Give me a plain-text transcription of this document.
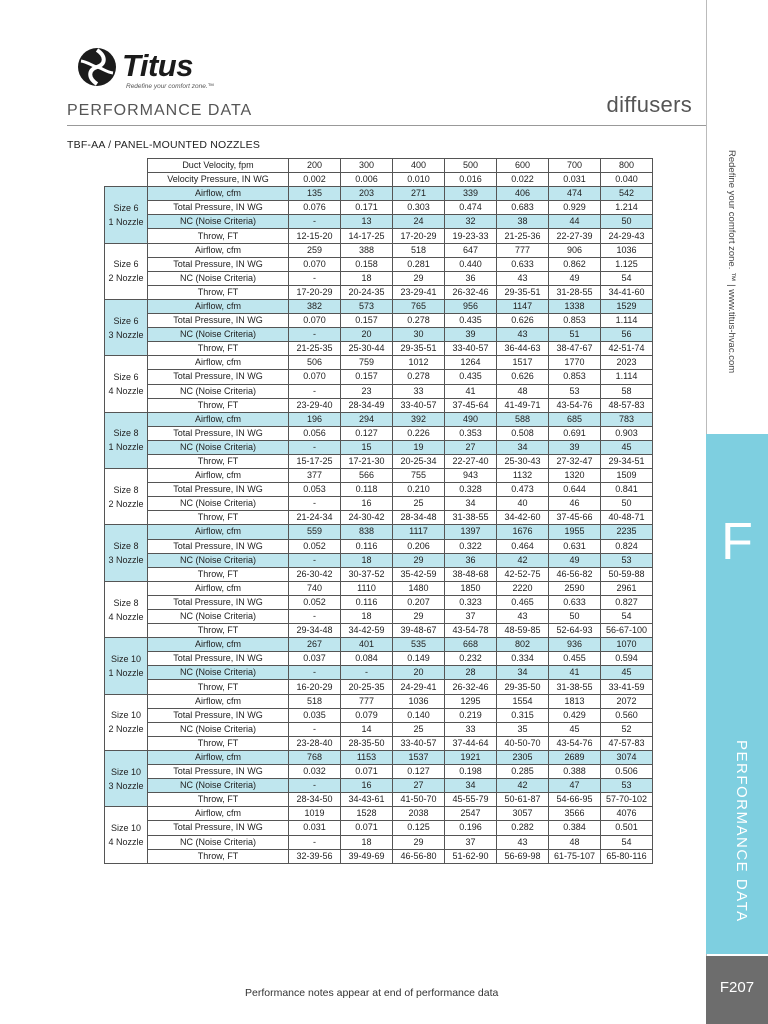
Titus
Redefine your comfort zone.™
PERFORMANCE DATA	diffusers
TBF-AA / PANEL-MOUNTED NOZZLES
	Duct Velocity, fpm	200	300	400	500	600	700	800
	Velocity Pressure, IN WG	0.002	0.006	0.010	0.016	0.022	0.031	0.040

Size 6
1 Nozzle	Airflow, cfm	135	203	271	339	406	474	542
	Total Pressure, IN WG	0.076	0.171	0.303	0.474	0.683	0.929	1.214
	NC (Noise Criteria)	-	13	24	32	38	44	50
	Throw, FT	12-15-20	14-17-25	17-20-29	19-23-33	21-25-36	22-27-39	24-29-43

Size 6
2 Nozzle	Airflow, cfm	259	388	518	647	777	906	1036
	Total Pressure, IN WG	0.070	0.158	0.281	0.440	0.633	0.862	1.125
	NC (Noise Criteria)	-	18	29	36	43	49	54
	Throw, FT	17-20-29	20-24-35	23-29-41	26-32-46	29-35-51	31-28-55	34-41-60

Size 6
3 Nozzle	Airflow, cfm	382	573	765	956	1147	1338	1529
	Total Pressure, IN WG	0.070	0.157	0.278	0.435	0.626	0.853	1.114
	NC (Noise Criteria)	-	20	30	39	43	51	56
	Throw, FT	21-25-35	25-30-44	29-35-51	33-40-57	36-44-63	38-47-67	42-51-74

Size 6
4 Nozzle	Airflow, cfm	506	759	1012	1264	1517	1770	2023
	Total Pressure, IN WG	0.070	0.157	0.278	0.435	0.626	0.853	1.114
	NC (Noise Criteria)	-	23	33	41	48	53	58
	Throw, FT	23-29-40	28-34-49	33-40-57	37-45-64	41-49-71	43-54-76	48-57-83

Size 8
1 Nozzle	Airflow, cfm	196	294	392	490	588	685	783
	Total Pressure, IN WG	0.056	0.127	0.226	0.353	0.508	0.691	0.903
	NC (Noise Criteria)	-	15	19	27	34	39	45
	Throw, FT	15-17-25	17-21-30	20-25-34	22-27-40	25-30-43	27-32-47	29-34-51

Size 8
2 Nozzle	Airflow, cfm	377	566	755	943	1132	1320	1509
	Total Pressure, IN WG	0.053	0.118	0.210	0.328	0.473	0.644	0.841
	NC (Noise Criteria)	-	16	25	34	40	46	50
	Throw, FT	21-24-34	24-30-42	28-34-48	31-38-55	34-42-60	37-45-66	40-48-71

Size 8
3 Nozzle	Airflow, cfm	559	838	1117	1397	1676	1955	2235
	Total Pressure, IN WG	0.052	0.116	0.206	0.322	0.464	0.631	0.824
	NC (Noise Criteria)	-	18	29	36	42	49	53
	Throw, FT	26-30-42	30-37-52	35-42-59	38-48-68	42-52-75	46-56-82	50-59-88

Size 8
4 Nozzle	Airflow, cfm	740	1110	1480	1850	2220	2590	2961
	Total Pressure, IN WG	0.052	0.116	0.207	0.323	0.465	0.633	0.827
	NC (Noise Criteria)	-	18	29	37	43	50	54
	Throw, FT	29-34-48	34-42-59	39-48-67	43-54-78	48-59-85	52-64-93	56-67-100

Size 10
1 Nozzle	Airflow, cfm	267	401	535	668	802	936	1070
	Total Pressure, IN WG	0.037	0.084	0.149	0.232	0.334	0.455	0.594
	NC (Noise Criteria)	-	-	20	28	34	41	45
	Throw, FT	16-20-29	20-25-35	24-29-41	26-32-46	29-35-50	31-38-55	33-41-59

Size 10
2 Nozzle	Airflow, cfm	518	777	1036	1295	1554	1813	2072
	Total Pressure, IN WG	0.035	0.079	0.140	0.219	0.315	0.429	0.560
	NC (Noise Criteria)	-	14	25	33	35	45	52
	Throw, FT	23-28-40	28-35-50	33-40-57	37-44-64	40-50-70	43-54-76	47-57-83

Size 10
3 Nozzle	Airflow, cfm	768	1153	1537	1921	2305	2689	3074
	Total Pressure, IN WG	0.032	0.071	0.127	0.198	0.285	0.388	0.506
	NC (Noise Criteria)	-	16	27	34	42	47	53
	Throw, FT	28-34-50	34-43-61	41-50-70	45-55-79	50-61-87	54-66-95	57-70-102

Size 10
4 Nozzle	Airflow, cfm	1019	1528	2038	2547	3057	3566	4076
	Total Pressure, IN WG	0.031	0.071	0.125	0.196	0.282	0.384	0.501
	NC (Noise Criteria)	-	18	29	37	43	48	54
	Throw, FT	32-39-56	39-49-69	46-56-80	51-62-90	56-69-98	61-75-107	65-80-116
Redefine your comfort zone. ™ | www.titus-hvac.com
F
PERFORMANCE DATA
F207
Performance notes appear at end of performance data
